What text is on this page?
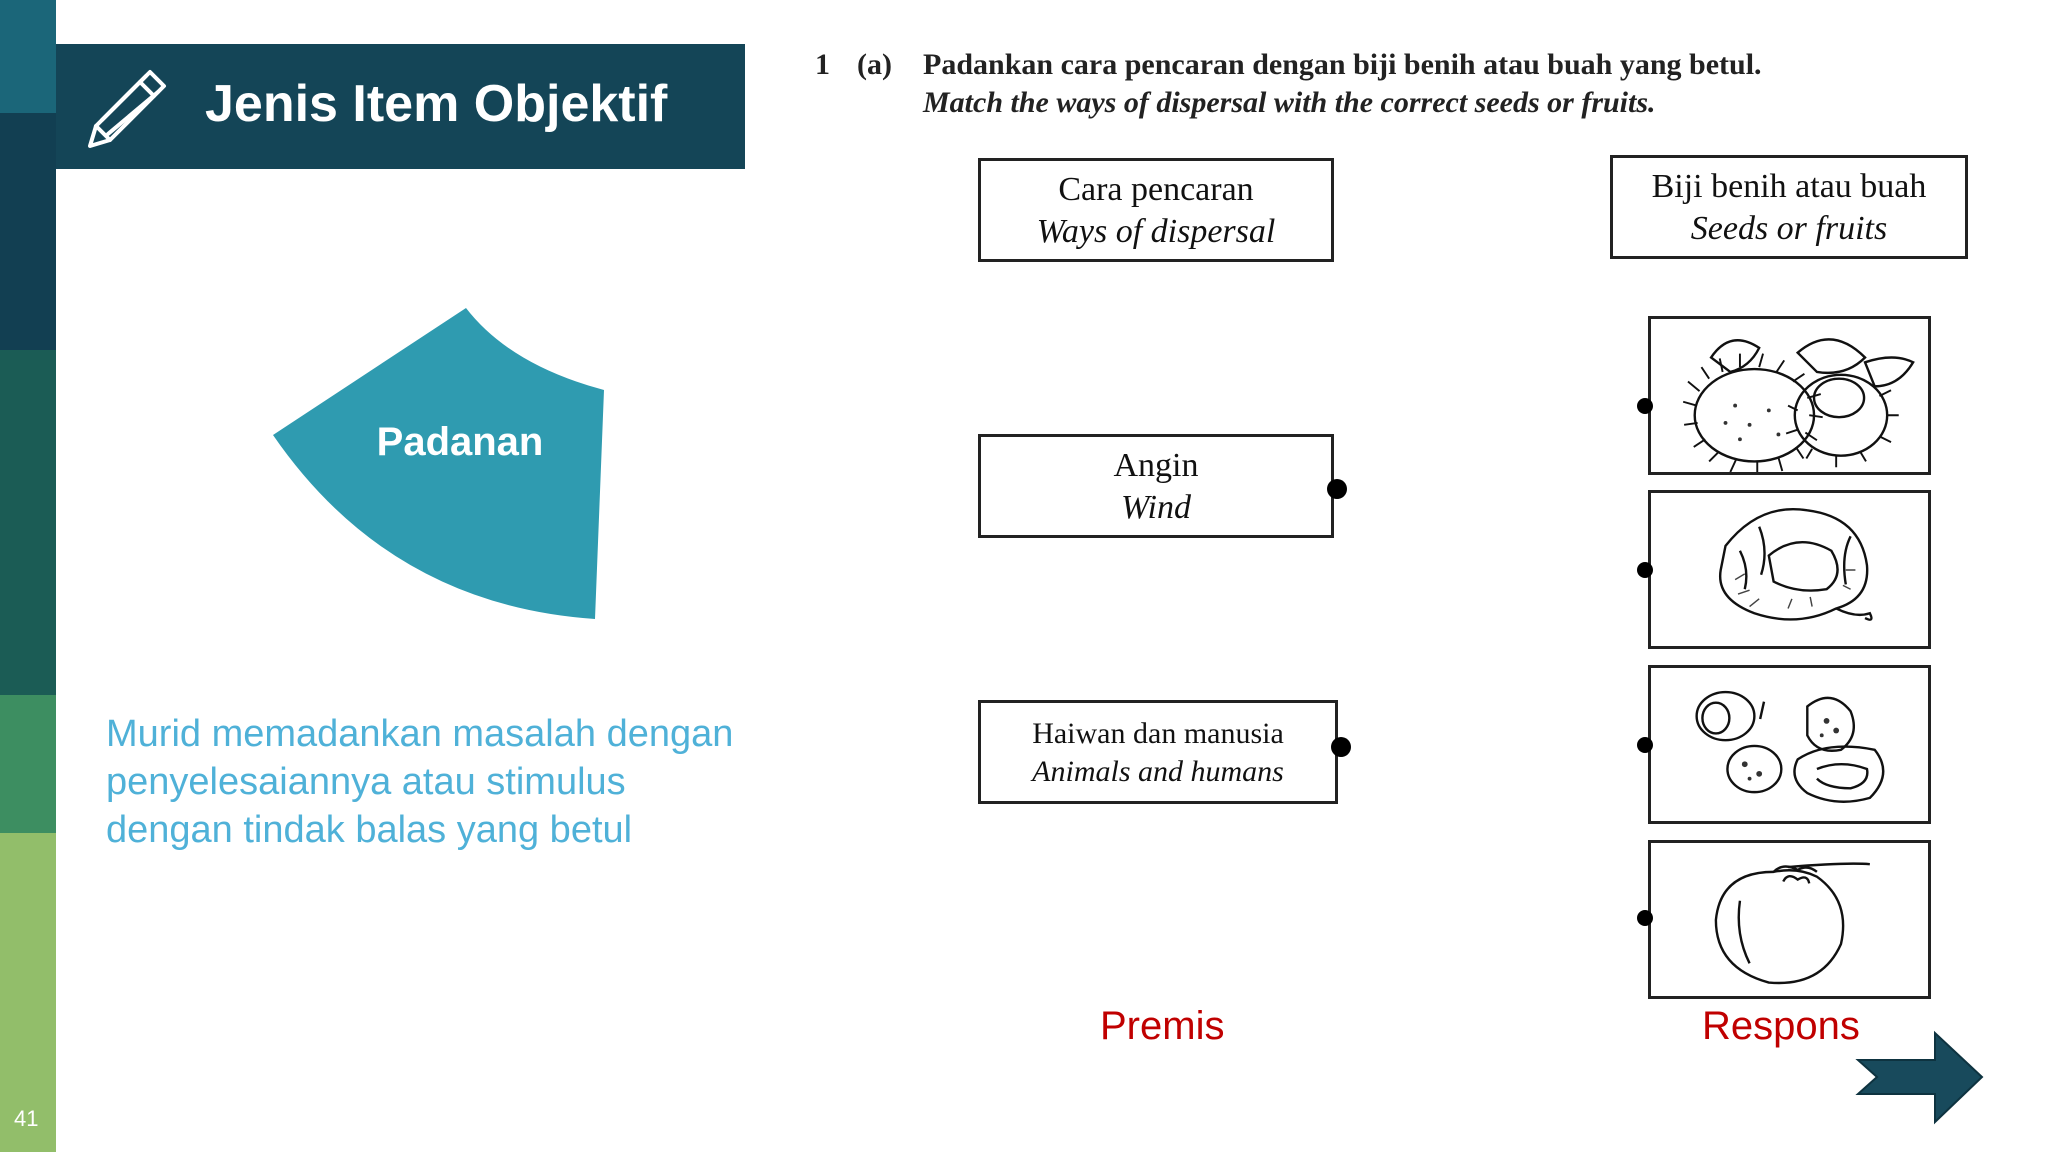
41
Jenis Item Objektif
Padanan
Murid memadankan masalah dengan penyelesaiannya atau stimulus dengan tindak balas yang betul
1 (a) Padankan cara pencaran dengan biji benih atau buah yang betul.
Match the ways of dispersal with the correct seeds or fruits.
Cara pencaran
Ways of dispersal
Biji benih atau buah
Seeds or fruits
Angin
Wind
Haiwan dan manusia
Animals and humans
Premis	Respons
